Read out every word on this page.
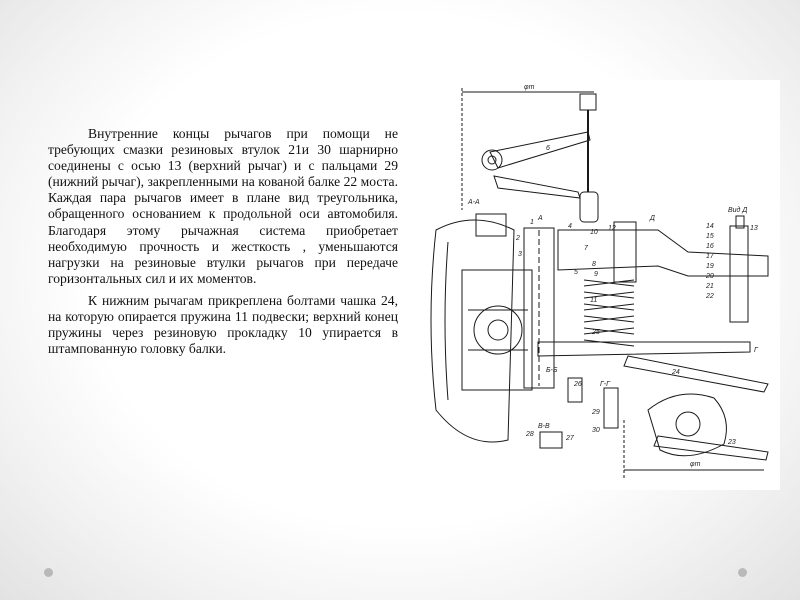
Внутренние концы рычагов при помощи не требующих смазки резиновых втулок 21и 30 шарнирно соединены с осью 13 (верхний рычаг) и с пальцами 29 (нижний рычаг), закрепленными на кованой балке 22 моста. Каждая пара рычагов имеет в плане вид треугольника, обращенного основанием к продольной оси автомобиля. Благодаря этому рычажная система приобретает необходимую прочность и жесткость , уменьшаются нагрузки на резиновые втулки рычагов при передаче горизонтальных сил и их моментов.

К нижним рычагам прикреплена болтами чашка 24, на которую опирается пружина 11 подвески; верхний конец пружины через резиновую прокладку 10 упирается в штампованную головку балки.

φт
φт
А-А
Б-Б
В-В
Г-Г
Вид Д
Д
А
Г
1
2
3
4
5
6
7
8
9
10
11
12	13
14
15
16
17
19
20
21
22
23
24
25
26
27
28
29
30
